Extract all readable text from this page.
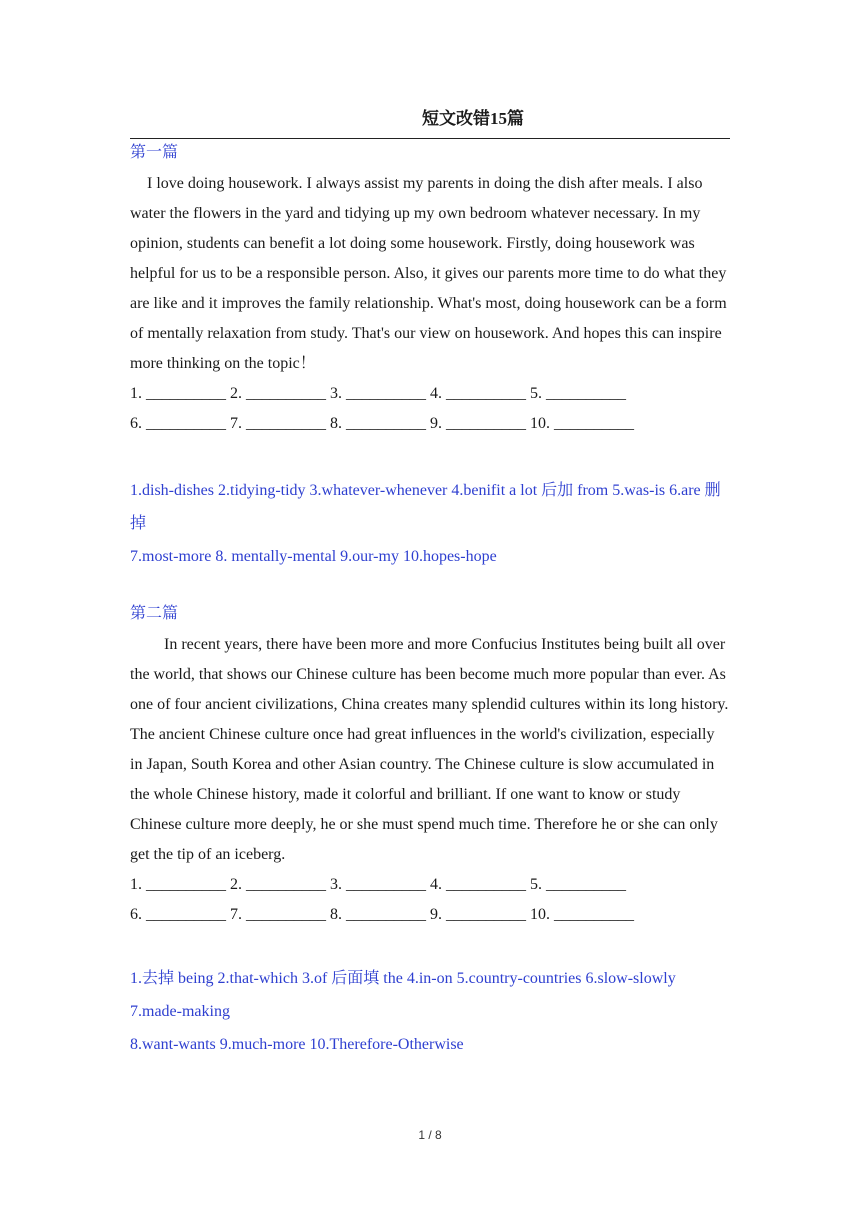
短文改错15篇
第一篇

I love doing housework. I always assist my parents in doing the dish after meals. I also water the flowers in the yard and tidying up my own bedroom whatever necessary. In my opinion, students can benefit a lot doing some housework. Firstly, doing housework was helpful for us to be a responsible person. Also, it gives our parents more time to do what they are like and it improves the family relationship. What's most, doing housework can be a form of mentally relaxation from study. That's our view on housework. And hopes this can inspire more thinking on the topic！

1. __________ 2. __________ 3. __________ 4. __________ 5. __________
6. __________ 7. __________ 8. __________ 9. __________ 10. __________
1.dish-dishes 2.tidying-tidy 3.whatever-whenever 4.benifit a lot 后加 from 5.was-is 6.are 删掉
7.most-more 8. mentally-mental 9.our-my 10.hopes-hope
第二篇

In recent years, there have been more and more Confucius Institutes being built all over the world, that shows our Chinese culture has been become much more popular than ever. As one of four ancient civilizations, China creates many splendid cultures within its long history. The ancient Chinese culture once had great influences in the world's civilization, especially in Japan, South Korea and other Asian country. The Chinese culture is slow accumulated in the whole Chinese history, made it colorful and brilliant. If one want to know or study Chinese culture more deeply, he or she must spend much time. Therefore he or she can only get the tip of an iceberg.

1. __________ 2. __________ 3. __________ 4. __________ 5. __________
6. __________ 7. __________ 8. __________ 9. __________ 10. __________
1.去掉 being 2.that-which 3.of 后面填 the 4.in-on 5.country-countries 6.slow-slowly 7.made-making
8.want-wants 9.much-more 10.Therefore-Otherwise
1 / 8
